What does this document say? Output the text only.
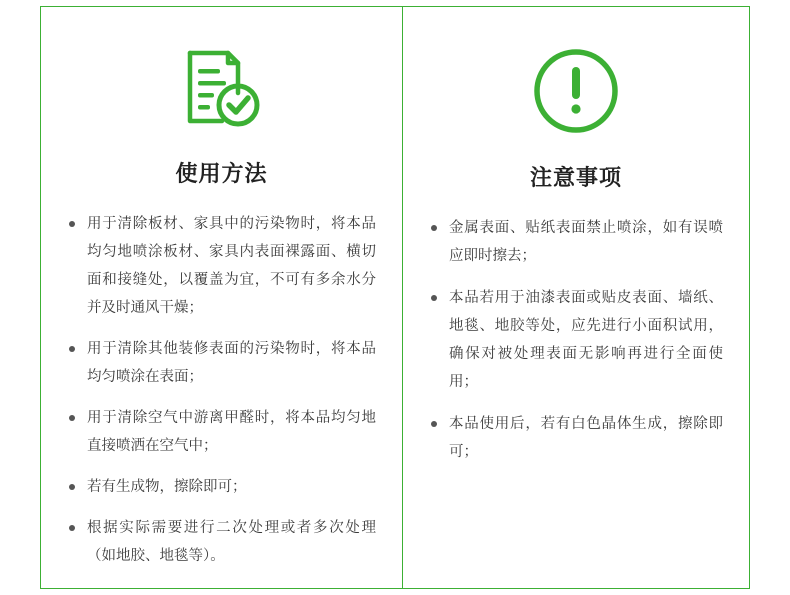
使用方法
用于清除板材、家具中的污染物时，将本品均匀地喷涂板材、家具内表面裸露面、横切面和接缝处，以覆盖为宜，不可有多余水分并及时通风干燥；
用于清除其他装修表面的污染物时，将本品均匀喷涂在表面；
用于清除空气中游离甲醛时，将本品均匀地直接喷洒在空气中；
若有生成物，擦除即可；
根据实际需要进行二次处理或者多次处理（如地胶、地毯等）。
注意事项
金属表面、贴纸表面禁止喷涂，如有误喷应即时擦去；
本品若用于油漆表面或贴皮表面、墙纸、地毯、地胶等处，应先进行小面积试用，确保对被处理表面无影响再进行全面使用；
本品使用后，若有白色晶体生成，擦除即可；
